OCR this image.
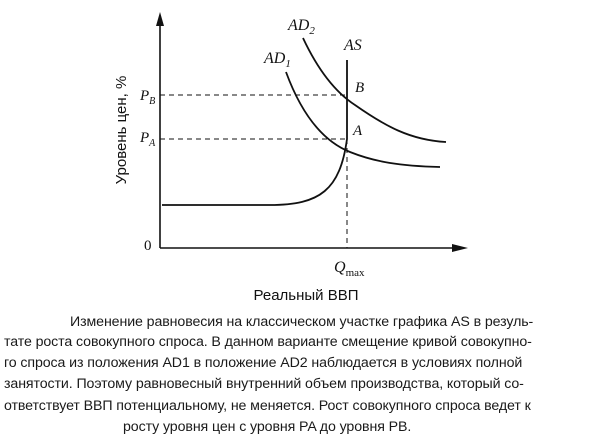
$AD_2$
$AD_1$
AS
B
A
$P_B$
$P_A$
0
$Q_{max}$
Реальный ВВП
Уровень цен, %
Изменение равновесия на классическом участке графика AS в резуль-
тате роста совокупного спроса. В данном варианте смещение кривой совокупно-
го спроса из положения AD1 в положение AD2 наблюдается в условиях полной
занятости. Поэтому равновесный внутренний объем производства, который со-
ответствует ВВП потенциальному, не меняется. Рост совокупного спроса ведет к
росту уровня цен с уровня PA до уровня PB.
